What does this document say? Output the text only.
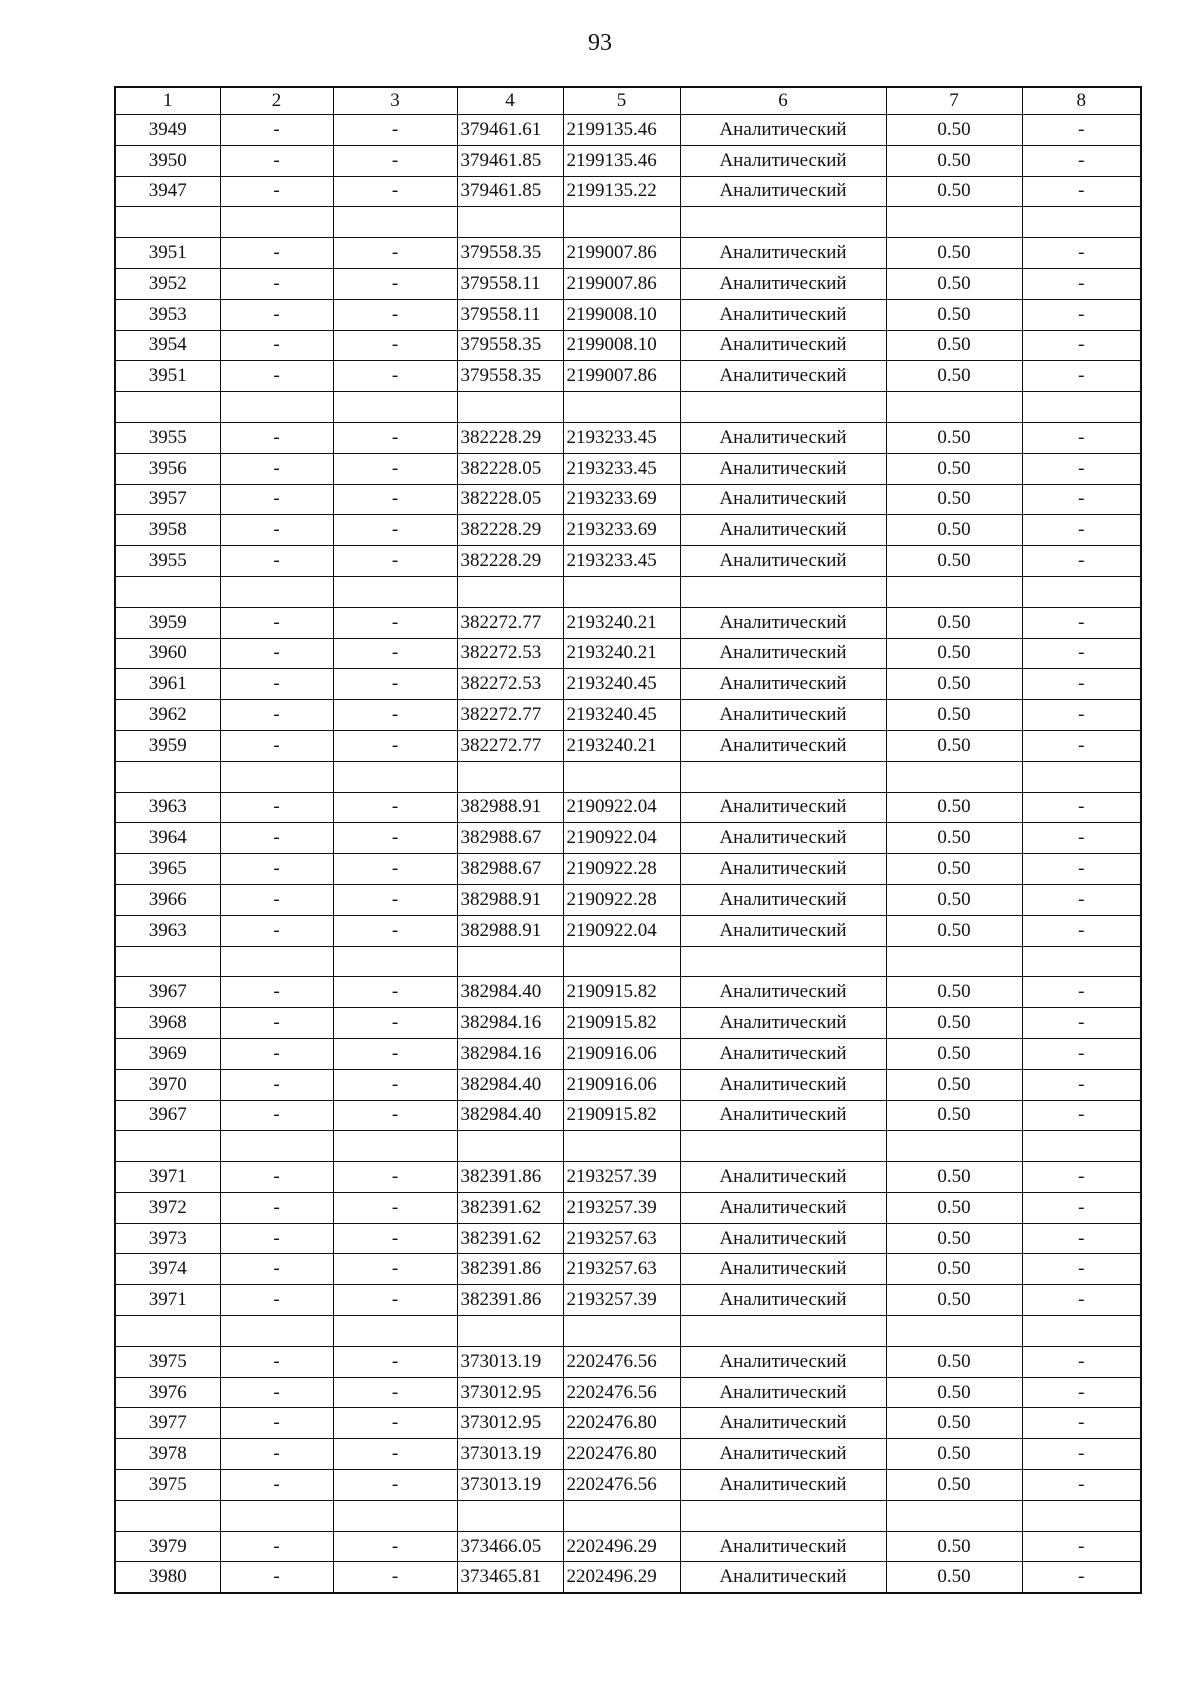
93
1	2	3	4	5	6	7	8
3949	-	-	379461.61	2199135.46	Аналитический	0.50	-
3950	-	-	379461.85	2199135.46	Аналитический	0.50	-
3947	-	-	379461.85	2199135.22	Аналитический	0.50	-

3951	-	-	379558.35	2199007.86	Аналитический	0.50	-
3952	-	-	379558.11	2199007.86	Аналитический	0.50	-
3953	-	-	379558.11	2199008.10	Аналитический	0.50	-
3954	-	-	379558.35	2199008.10	Аналитический	0.50	-
3951	-	-	379558.35	2199007.86	Аналитический	0.50	-

3955	-	-	382228.29	2193233.45	Аналитический	0.50	-
3956	-	-	382228.05	2193233.45	Аналитический	0.50	-
3957	-	-	382228.05	2193233.69	Аналитический	0.50	-
3958	-	-	382228.29	2193233.69	Аналитический	0.50	-
3955	-	-	382228.29	2193233.45	Аналитический	0.50	-

3959	-	-	382272.77	2193240.21	Аналитический	0.50	-
3960	-	-	382272.53	2193240.21	Аналитический	0.50	-
3961	-	-	382272.53	2193240.45	Аналитический	0.50	-
3962	-	-	382272.77	2193240.45	Аналитический	0.50	-
3959	-	-	382272.77	2193240.21	Аналитический	0.50	-

3963	-	-	382988.91	2190922.04	Аналитический	0.50	-
3964	-	-	382988.67	2190922.04	Аналитический	0.50	-
3965	-	-	382988.67	2190922.28	Аналитический	0.50	-
3966	-	-	382988.91	2190922.28	Аналитический	0.50	-
3963	-	-	382988.91	2190922.04	Аналитический	0.50	-

3967	-	-	382984.40	2190915.82	Аналитический	0.50	-
3968	-	-	382984.16	2190915.82	Аналитический	0.50	-
3969	-	-	382984.16	2190916.06	Аналитический	0.50	-
3970	-	-	382984.40	2190916.06	Аналитический	0.50	-
3967	-	-	382984.40	2190915.82	Аналитический	0.50	-

3971	-	-	382391.86	2193257.39	Аналитический	0.50	-
3972	-	-	382391.62	2193257.39	Аналитический	0.50	-
3973	-	-	382391.62	2193257.63	Аналитический	0.50	-
3974	-	-	382391.86	2193257.63	Аналитический	0.50	-
3971	-	-	382391.86	2193257.39	Аналитический	0.50	-

3975	-	-	373013.19	2202476.56	Аналитический	0.50	-
3976	-	-	373012.95	2202476.56	Аналитический	0.50	-
3977	-	-	373012.95	2202476.80	Аналитический	0.50	-
3978	-	-	373013.19	2202476.80	Аналитический	0.50	-
3975	-	-	373013.19	2202476.56	Аналитический	0.50	-

3979	-	-	373466.05	2202496.29	Аналитический	0.50	-
3980	-	-	373465.81	2202496.29	Аналитический	0.50	-
